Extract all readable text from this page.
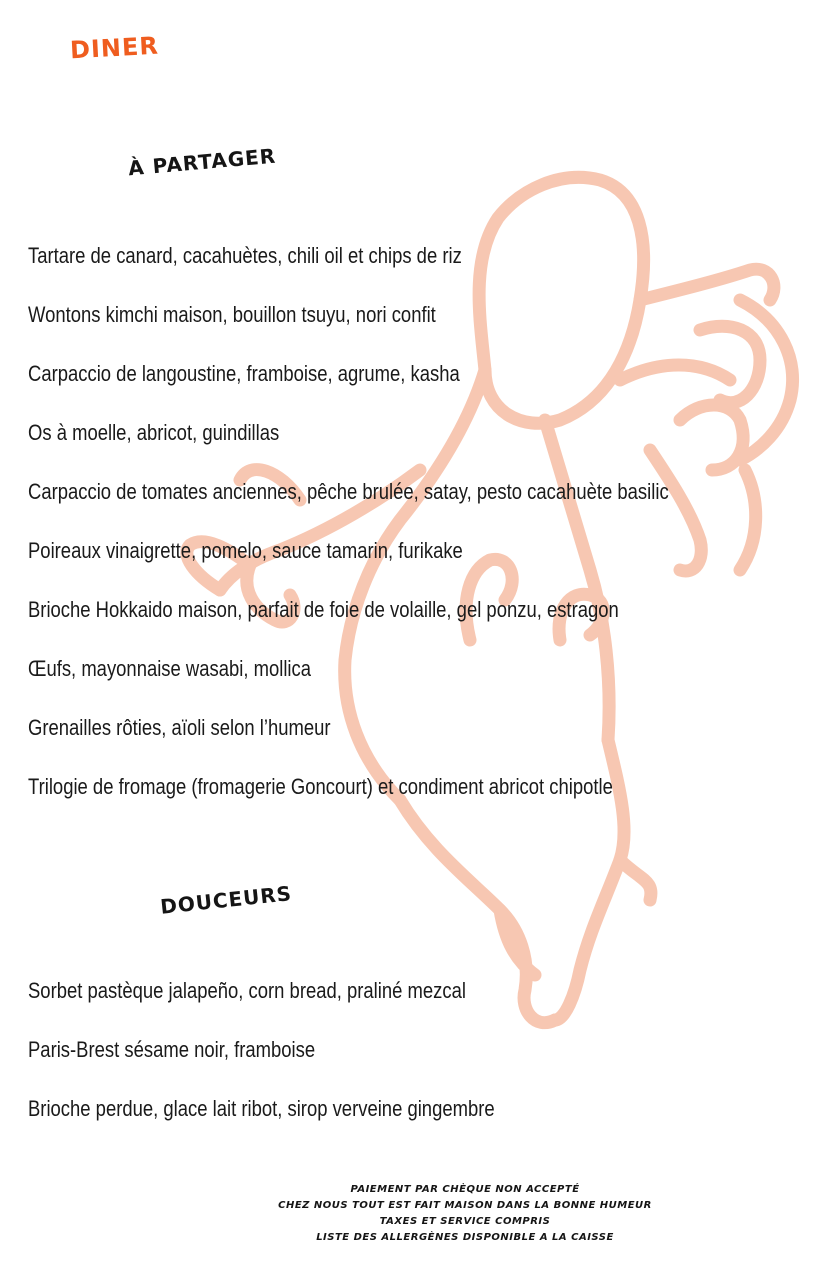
DINER
À PARTAGER
Tartare de canard, cacahuètes, chili oil et chips de riz
Wontons kimchi maison, bouillon tsuyu, nori confit
Carpaccio de langoustine, framboise, agrume, kasha
Os à moelle, abricot, guindillas
Carpaccio de tomates anciennes, pêche brulée, satay, pesto cacahuète basilic
Poireaux vinaigrette, pomelo, sauce tamarin, furikake
Brioche Hokkaido maison, parfait de foie de volaille, gel ponzu, estragon
Œufs, mayonnaise wasabi, mollica
Grenailles rôties, aïoli selon l’humeur
Trilogie de fromage (fromagerie Goncourt) et condiment abricot chipotle
DOUCEURS
Sorbet pastèque jalapeño, corn bread, praliné mezcal
Paris-Brest sésame noir, framboise
Brioche perdue, glace lait ribot, sirop verveine gingembre
PAIEMENT PAR CHÈQUE NON ACCEPTÉ
CHEZ NOUS TOUT EST FAIT MAISON DANS LA BONNE HUMEUR
TAXES ET SERVICE COMPRIS
LISTE DES ALLERGÈNES DISPONIBLE A LA CAISSE
